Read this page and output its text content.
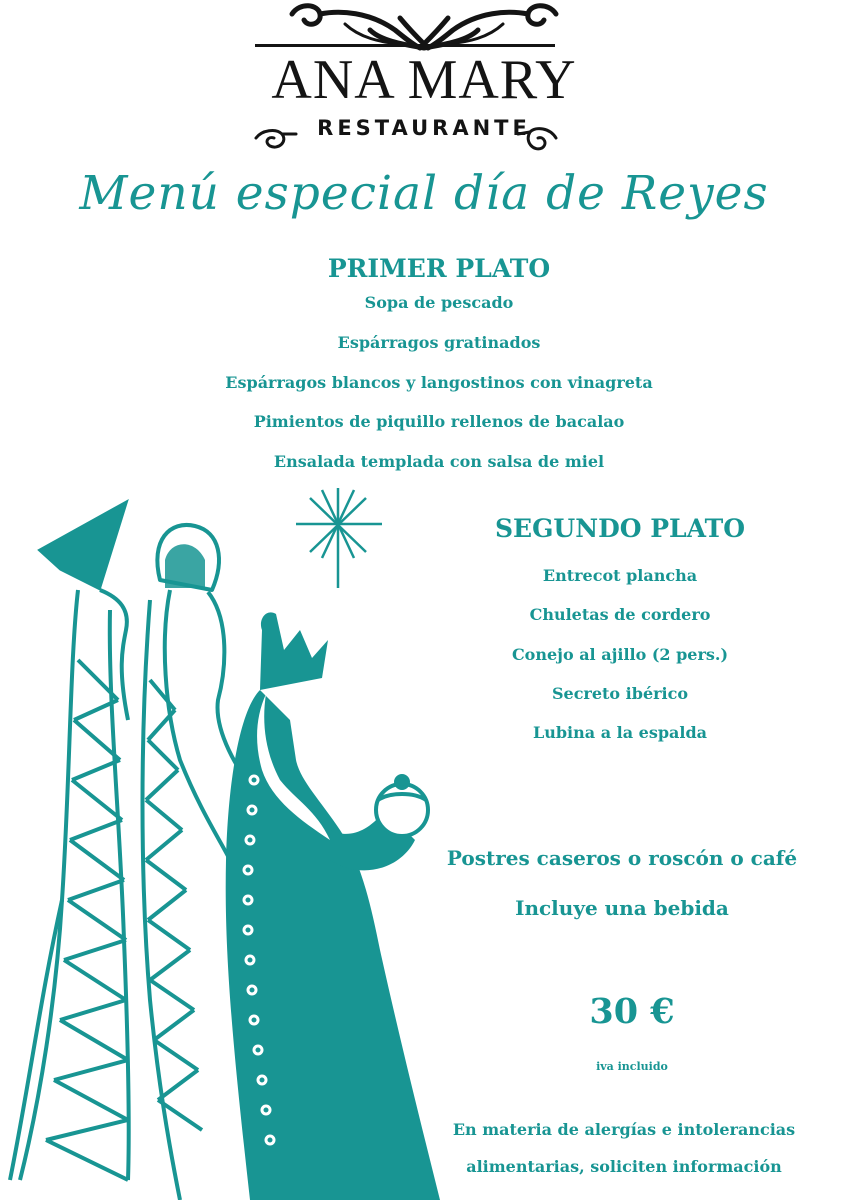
ANA MARY
RESTAURANTE
Menú especial día de Reyes
PRIMER PLATO
Sopa de pescado
Espárragos gratinados
Espárragos blancos y langostinos con vinagreta
Pimientos de piquillo rellenos de bacalao
Ensalada templada con salsa de miel
SEGUNDO PLATO
Entrecot plancha
Chuletas de cordero
Conejo al ajillo (2 pers.)
Secreto ibérico
Lubina a la espalda
Postres caseros o roscón o café
Incluye una bebida
30 €
iva incluido
En materia de alergías e intolerancias
alimentarias, soliciten información
